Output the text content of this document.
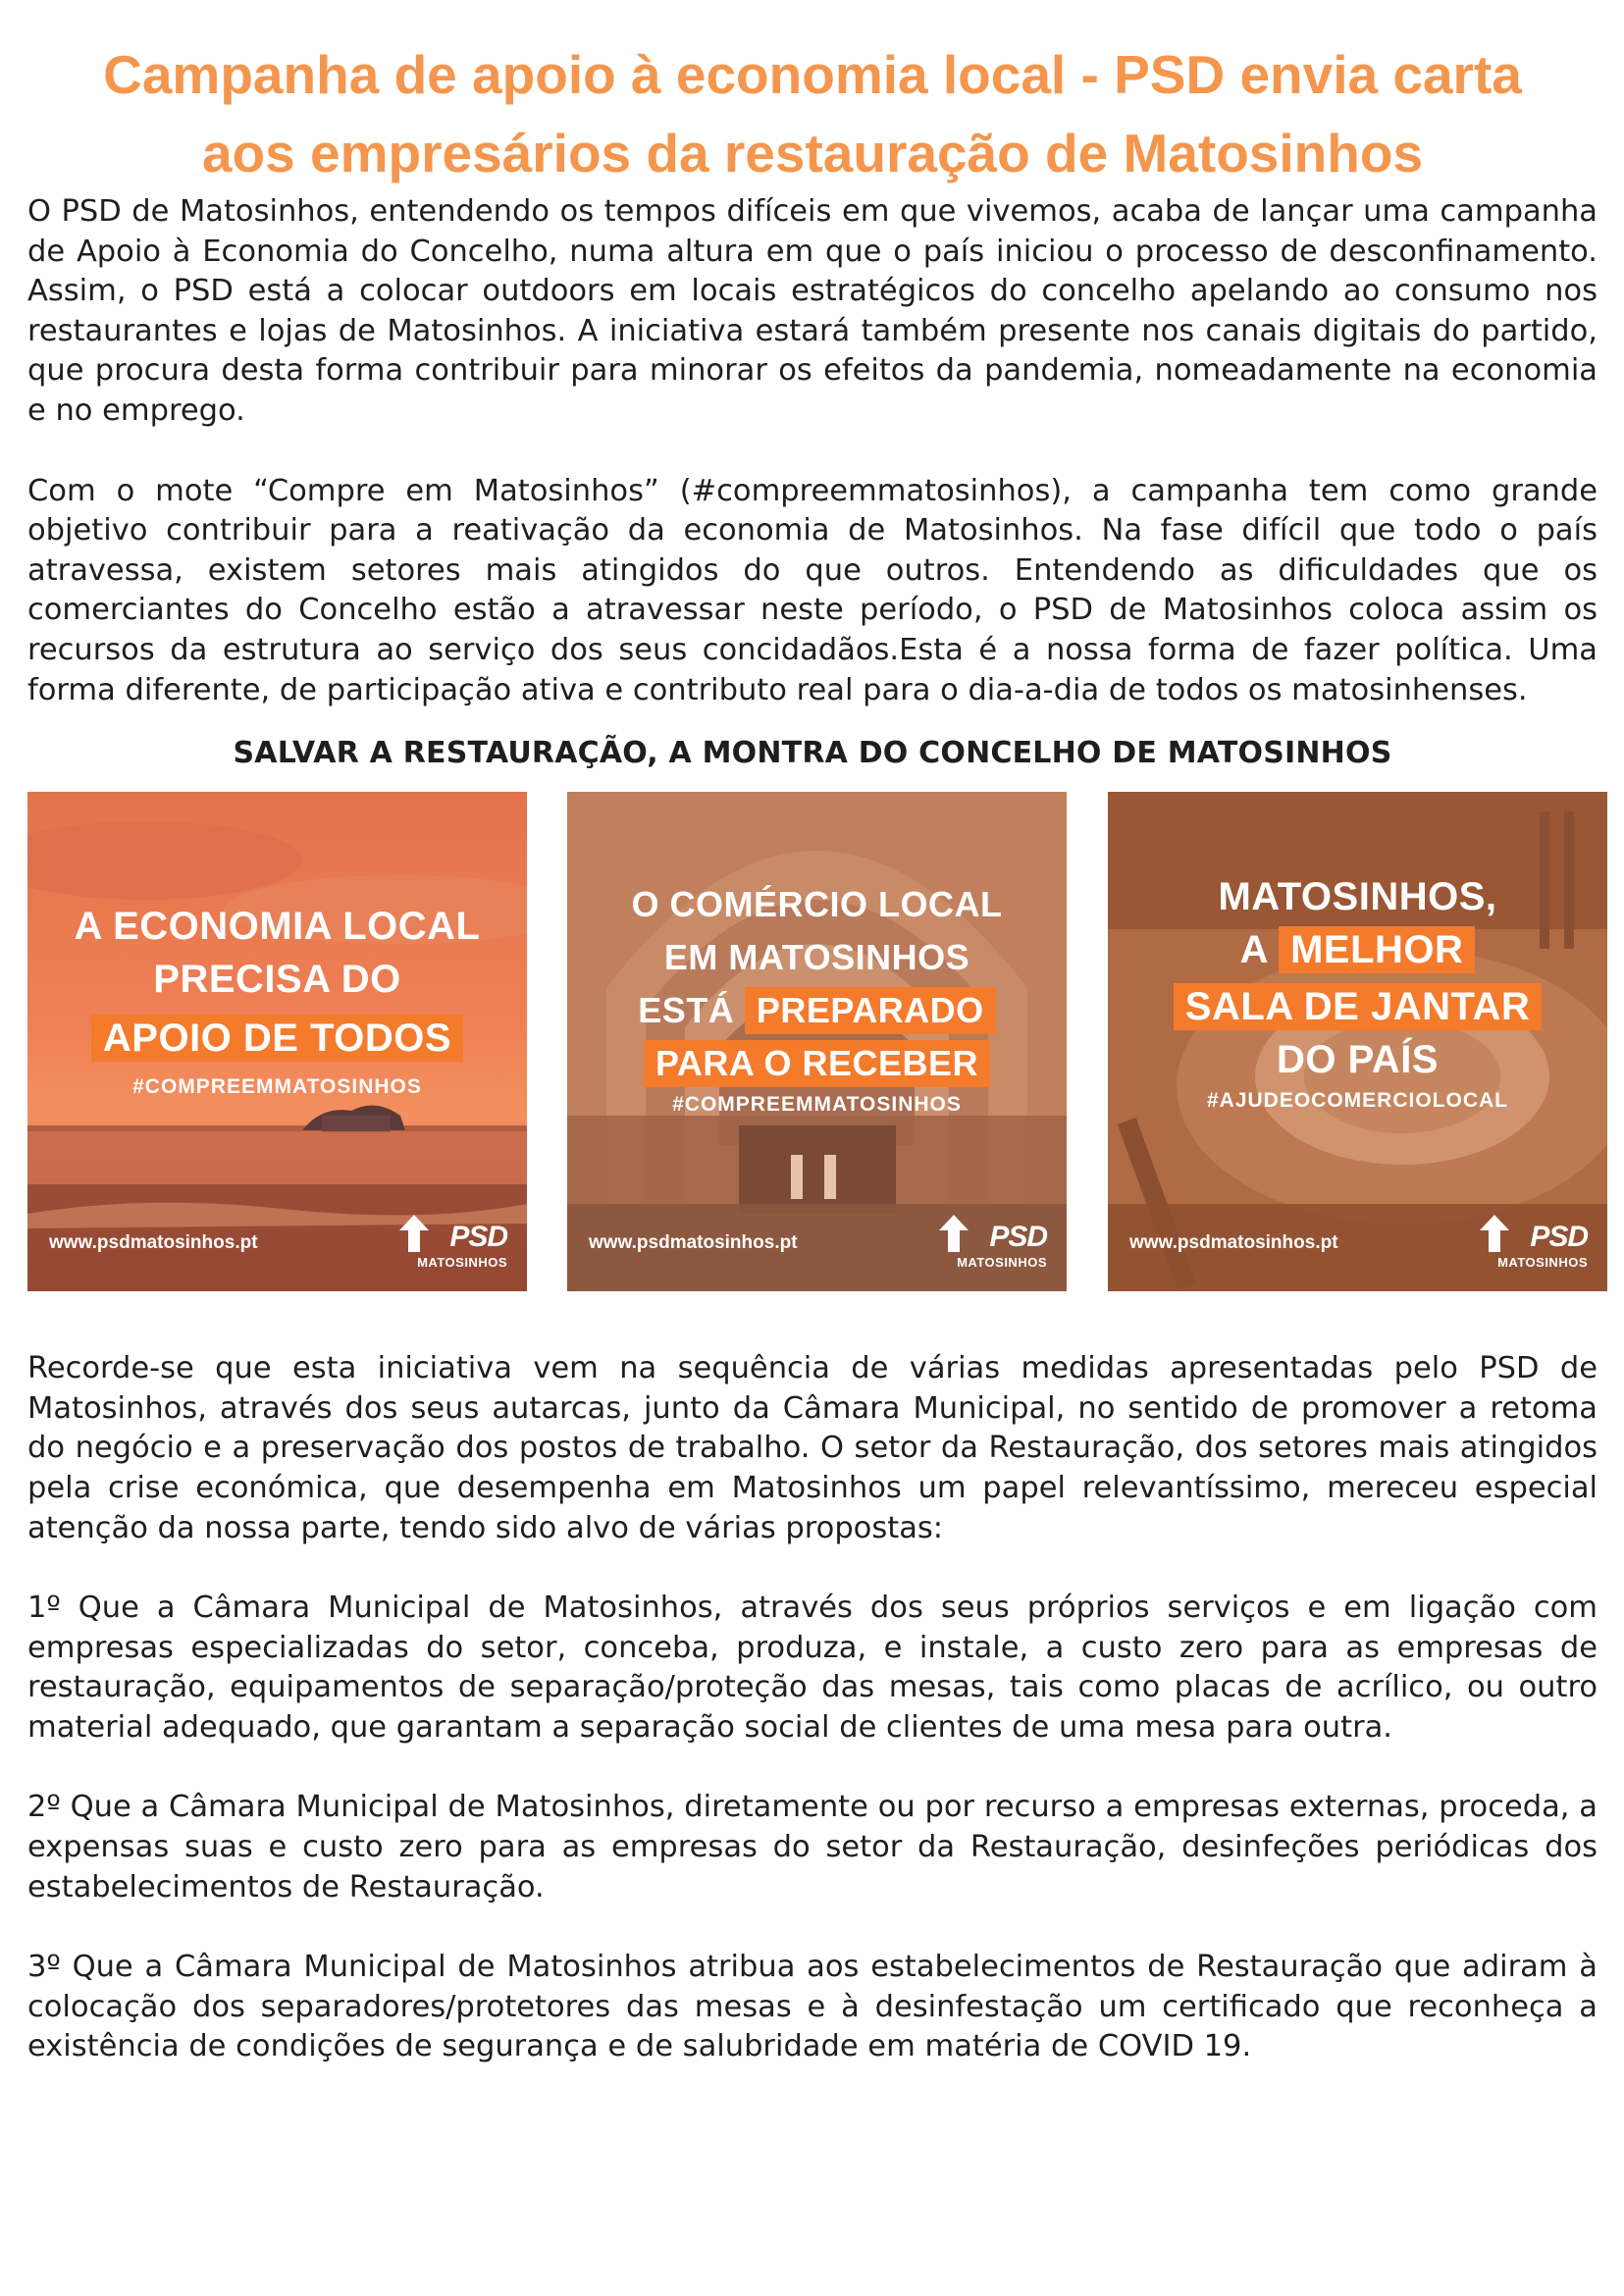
Campanha de apoio à economia local - PSD envia carta
aos empresários da restauração de Matosinhos

O PSD de Matosinhos, entendendo os tempos difíceis em que vivemos, acaba de lançar uma campanha de Apoio à Economia do Concelho, numa altura em que o país iniciou o processo de desconfinamento. Assim, o PSD está a colocar outdoors em locais estratégicos do concelho apelando ao consumo nos restaurantes e lojas de Matosinhos. A iniciativa estará também presente nos canais digitais do partido, que procura desta forma contribuir para minorar os efeitos da pandemia, nomeadamente na economia e no emprego.

Com o mote “Compre em Matosinhos” (#compreemmatosinhos), a campanha tem como grande objetivo contribuir para a reativação da economia de Matosinhos. Na fase difícil que todo o país atravessa, existem setores mais atingidos do que outros. Entendendo as dificuldades que os comerciantes do Concelho estão a atravessar neste período, o PSD de Matosinhos coloca assim os recursos da estrutura ao serviço dos seus concidadãos.Esta é a nossa forma de fazer política. Uma forma diferente, de participação ativa e contributo real para o dia-a-dia de todos os matosinhenses.

SALVAR A RESTAURAÇÃO, A MONTRA DO CONCELHO DE MATOSINHOS
A ECONOMIA LOCAL
PRECISA DO
APOIO DE TODOS
#COMPREEMMATOSINHOS
www.psdmatosinhos.pt	PSD
MATOSINHOS
O COMÉRCIO LOCAL
EM MATOSINHOS
ESTÁ PREPARADO
PARA O RECEBER
#COMPREEMMATOSINHOS
www.psdmatosinhos.pt	PSD
MATOSINHOS
MATOSINHOS,
A MELHOR
SALA DE JANTAR
DO PAÍS
#AJUDEOCOMERCIOLOCAL
www.psdmatosinhos.pt	PSD
MATOSINHOS

Recorde-se que esta iniciativa vem na sequência de várias medidas apresentadas pelo PSD de Matosinhos, através dos seus autarcas, junto da Câmara Municipal, no sentido de promover a retoma do negócio e a preservação dos postos de trabalho. O setor da Restauração, dos setores mais atingidos pela crise económica, que desempenha em Matosinhos um papel relevantíssimo, mereceu especial atenção da nossa parte, tendo sido alvo de várias propostas:

1º Que a Câmara Municipal de Matosinhos, através dos seus próprios serviços e em ligação com empresas especializadas do setor, conceba, produza, e instale, a custo zero para as empresas de restauração, equipamentos de separação/proteção das mesas, tais como placas de acrílico, ou outro material adequado, que garantam a separação social de clientes de uma mesa para outra.

2º Que a Câmara Municipal de Matosinhos, diretamente ou por recurso a empresas externas, proceda, a expensas suas e custo zero para as empresas do setor da Restauração, desinfeções periódicas dos estabelecimentos de Restauração.

3º Que a Câmara Municipal de Matosinhos atribua aos estabelecimentos de Restauração que adiram à colocação dos separadores/protetores das mesas e à desinfestação um certificado que reconheça a existência de condições de segurança e de salubridade em matéria de COVID 19.
